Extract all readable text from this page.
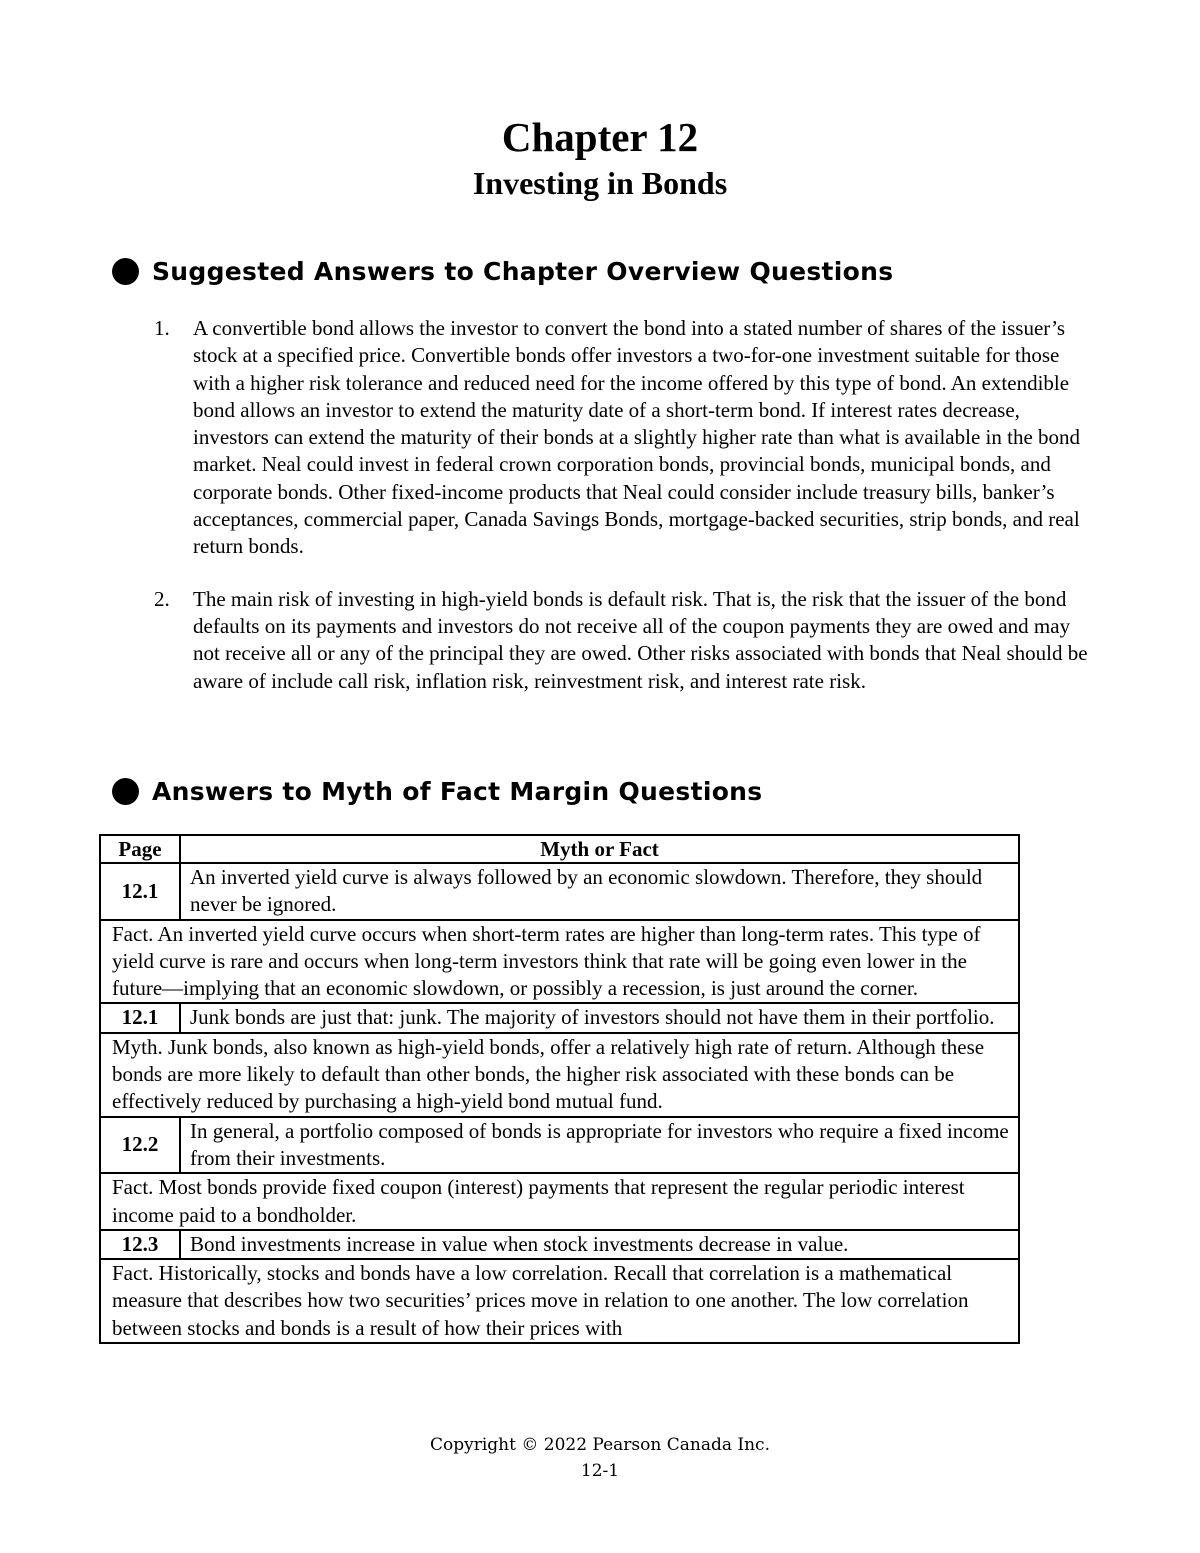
Chapter 12
Investing in Bonds
Suggested Answers to Chapter Overview Questions
1. A convertible bond allows the investor to convert the bond into a stated number of shares of the issuer’s stock at a specified price. Convertible bonds offer investors a two-for-one investment suitable for those with a higher risk tolerance and reduced need for the income offered by this type of bond. An extendible bond allows an investor to extend the maturity date of a short-term bond. If interest rates decrease, investors can extend the maturity of their bonds at a slightly higher rate than what is available in the bond market. Neal could invest in federal crown corporation bonds, provincial bonds, municipal bonds, and corporate bonds. Other fixed-income products that Neal could consider include treasury bills, banker’s acceptances, commercial paper, Canada Savings Bonds, mortgage-backed securities, strip bonds, and real return bonds.
2. The main risk of investing in high-yield bonds is default risk. That is, the risk that the issuer of the bond defaults on its payments and investors do not receive all of the coupon payments they are owed and may not receive all or any of the principal they are owed. Other risks associated with bonds that Neal should be aware of include call risk, inflation risk, reinvestment risk, and interest rate risk.
Answers to Myth of Fact Margin Questions
Page	Myth or Fact
12.1	An inverted yield curve is always followed by an economic slowdown. Therefore, they should never be ignored.
Fact. An inverted yield curve occurs when short-term rates are higher than long-term rates. This type of yield curve is rare and occurs when long-term investors think that rate will be going even lower in the future—implying that an economic slowdown, or possibly a recession, is just around the corner.	
12.1	Junk bonds are just that: junk. The majority of investors should not have them in their portfolio.
Myth. Junk bonds, also known as high-yield bonds, offer a relatively high rate of return. Although these bonds are more likely to default than other bonds, the higher risk associated with these bonds can be effectively reduced by purchasing a high-yield bond mutual fund.	
12.2	In general, a portfolio composed of bonds is appropriate for investors who require a fixed income from their investments.
Fact. Most bonds provide fixed coupon (interest) payments that represent the regular periodic interest income paid to a bondholder.	
12.3	Bond investments increase in value when stock investments decrease in value.
Fact. Historically, stocks and bonds have a low correlation. Recall that correlation is a mathematical measure that describes how two securities’ prices move in relation to one another. The low correlation between stocks and bonds is a result of how their prices with	
Copyright © 2022 Pearson Canada Inc.
12-1
